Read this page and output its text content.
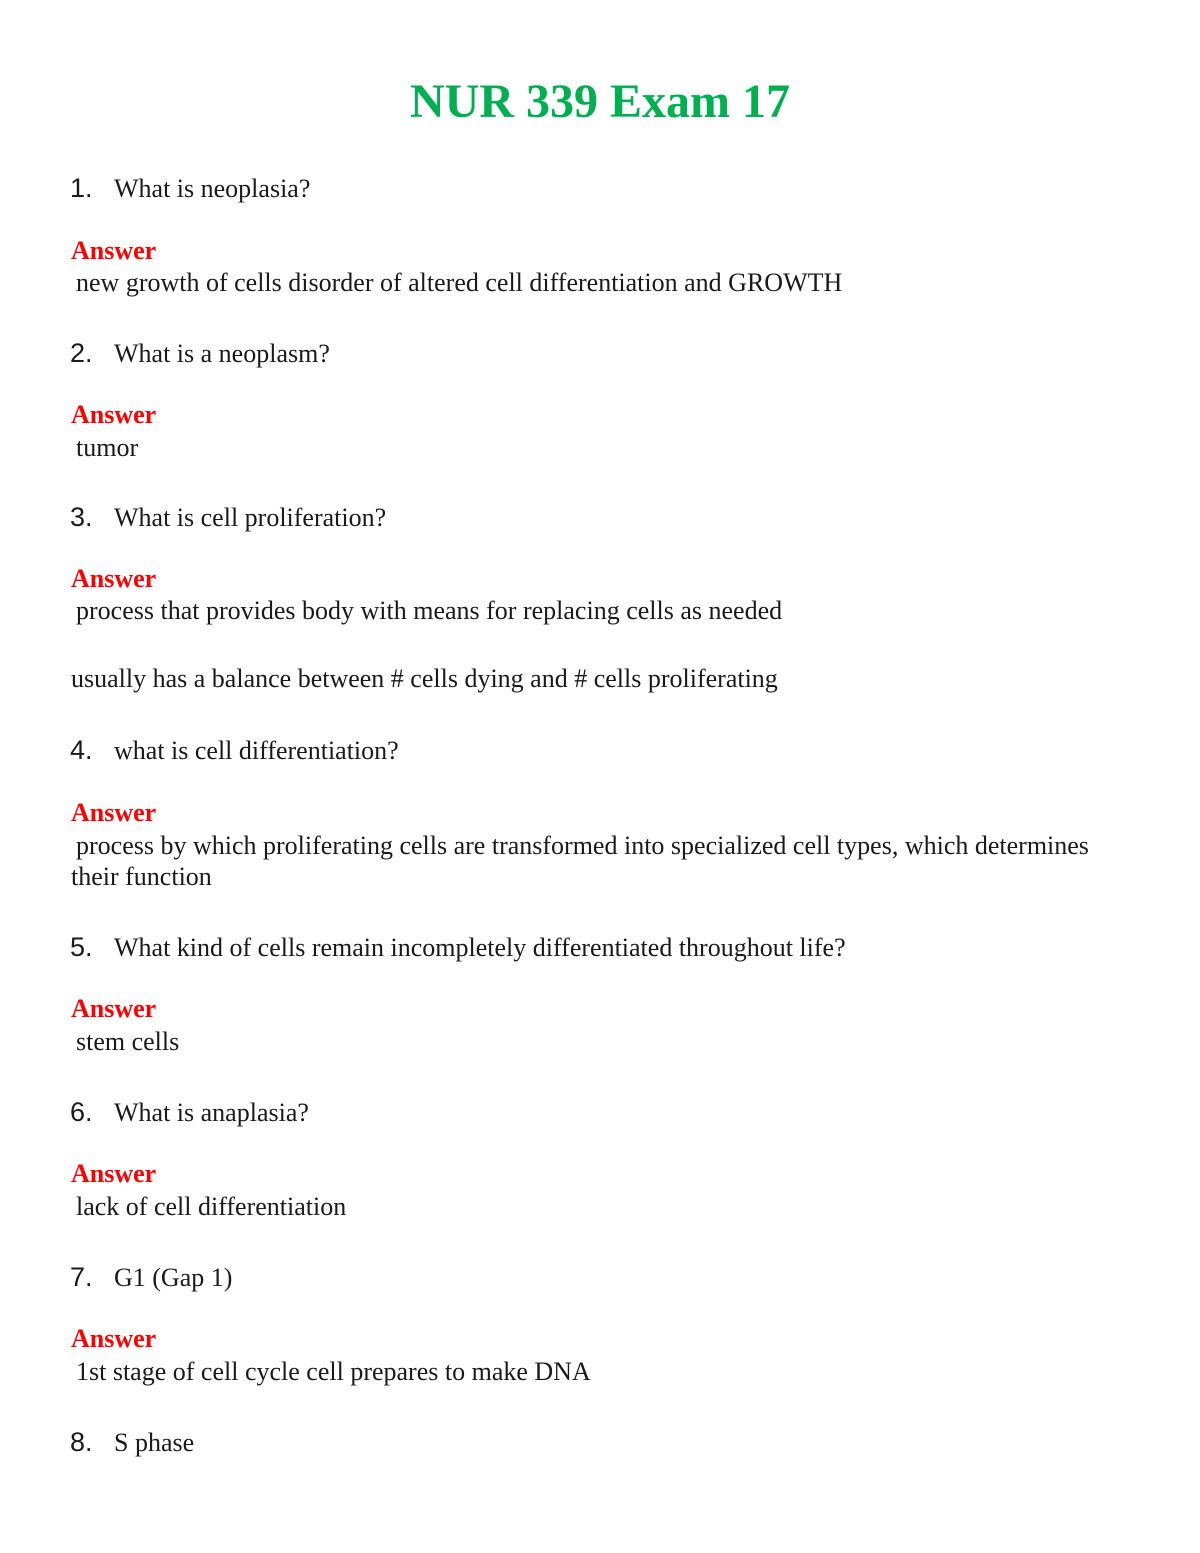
NUR 339 Exam 17
1. What is neoplasia?
Answer
new growth of cells disorder of altered cell differentiation and GROWTH
2. What is a neoplasm?
Answer
tumor
3. What is cell proliferation?
Answer
process that provides body with means for replacing cells as needed
usually has a balance between # cells dying and # cells proliferating
4. what is cell differentiation?
Answer
process by which proliferating cells are transformed into specialized cell types, which determines their function
5. What kind of cells remain incompletely differentiated throughout life?
Answer
stem cells
6. What is anaplasia?
Answer
lack of cell differentiation
7. G1 (Gap 1)
Answer
1st stage of cell cycle cell prepares to make DNA
8. S phase
